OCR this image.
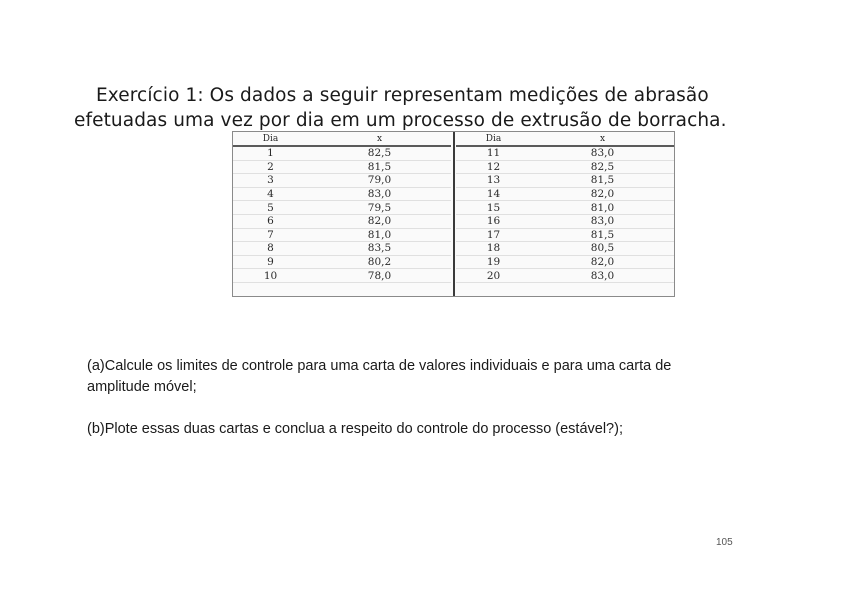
Exercício 1: Os dados a seguir representam medições de abrasão efetuadas uma vez por dia em um processo de extrusão de borracha.

Dia	x
1	82,5
2	81,5
3	79,0
4	83,0
5	79,5
6	82,0
7	81,0
8	83,5
9	80,2
10	78,0
Dia	x
11	83,0
12	82,5
13	81,5
14	82,0
15	81,0
16	83,0
17	81,5
18	80,5
19	82,0
20	83,0

(a)Calcule os limites de controle para uma carta de valores individuais e para uma carta de amplitude móvel;

(b)Plote essas duas cartas e conclua a respeito do controle do processo (estável?);

105
